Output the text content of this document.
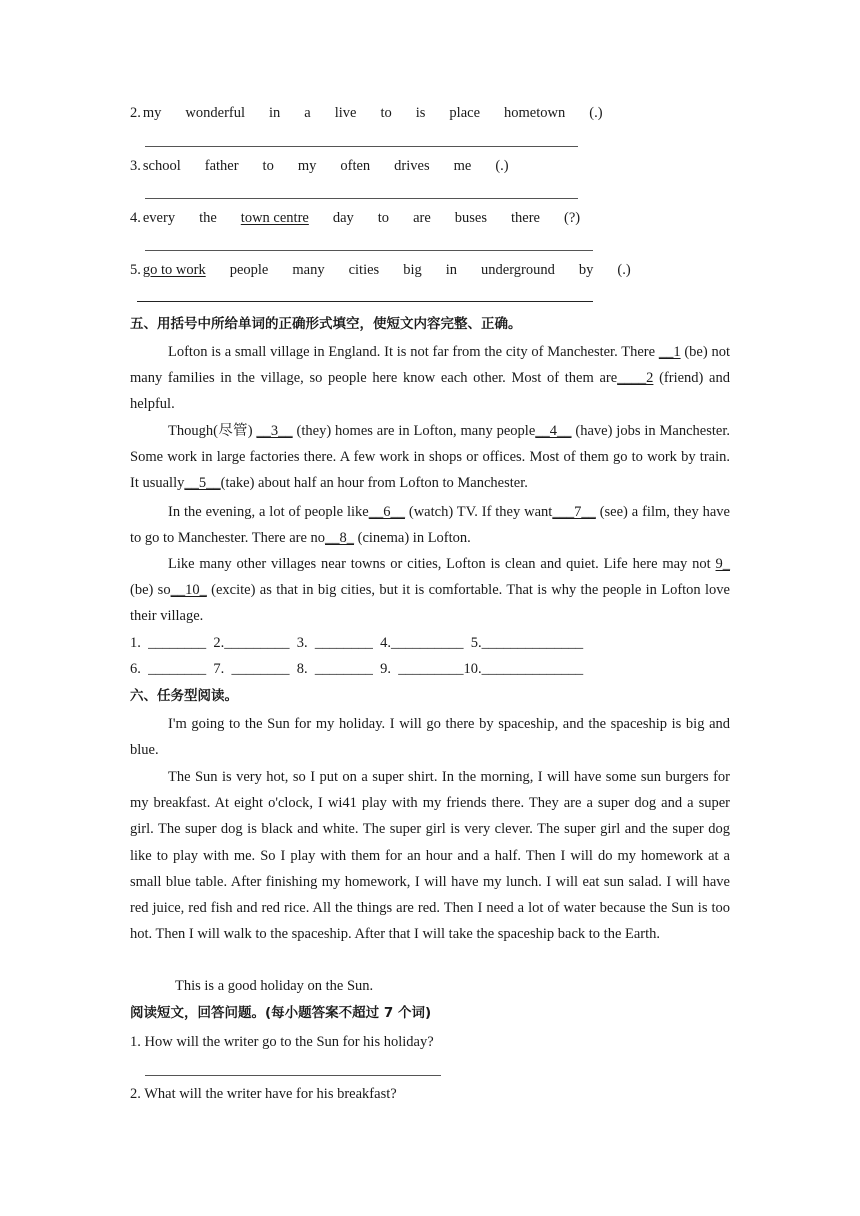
2. my wonderful in a live to is place hometown (.)
3. school father to my often drives me (.)
4. every the town centre day to are buses there (?)
5. go to work people many cities big in underground by (.)
五、用括号中所给单词的正确形式填空，使短文内容完整、正确。
Lofton is a small village in England. It is not far from the city of Manchester. There __1 (be) not many families in the village, so people here know each other. Most of them are____2 (friend) and helpful.
Though(尽管) __3__ (they) homes are in Lofton, many people__4__ (have) jobs in Manchester. Some work in large factories there. A few work in shops or offices. Most of them go to work by train. It usually__5__(take) about half an hour from Lofton to Manchester.
In the evening, a lot of people like__6__ (watch) TV. If they want___7__ (see) a film, they have to go to Manchester. There are no__8_ (cinema) in Lofton.
Like many other villages near towns or cities, Lofton is clean and quiet. Life here may not 9_ (be) so__10_ (excite) as that in big cities, but it is comfortable. That is why the people in Lofton love their village.
1.  ________  2._________  3.  ________  4.__________  5.______________
6.  ________  7.  ________  8.  ________  9.  _________10.______________
六、任务型阅读。
I'm going to the Sun for my holiday. I will go there by spaceship, and the spaceship is big and blue.
The Sun is very hot, so I put on a super shirt. In the morning, I will have some sun burgers for my breakfast. At eight o'clock, I wi41 play with my friends there. They are a super dog and a super girl. The super dog is black and white. The super girl is very clever. The super girl and the super dog like to play with me. So I play with them for an hour and a half. Then I will do my homework at a small blue table. After finishing my homework, I will have my lunch. I will eat sun salad. I will have red juice, red fish and red rice. All the things are red. Then I need a lot of water because the Sun is too hot. Then I will walk to the spaceship. After that I will take the spaceship back to the Earth.
This is a good holiday on the Sun.
阅读短文，回答问题。(每小题答案不超过 7 个词)
1. How will the writer go to the Sun for his holiday?
2. What will the writer have for his breakfast?
